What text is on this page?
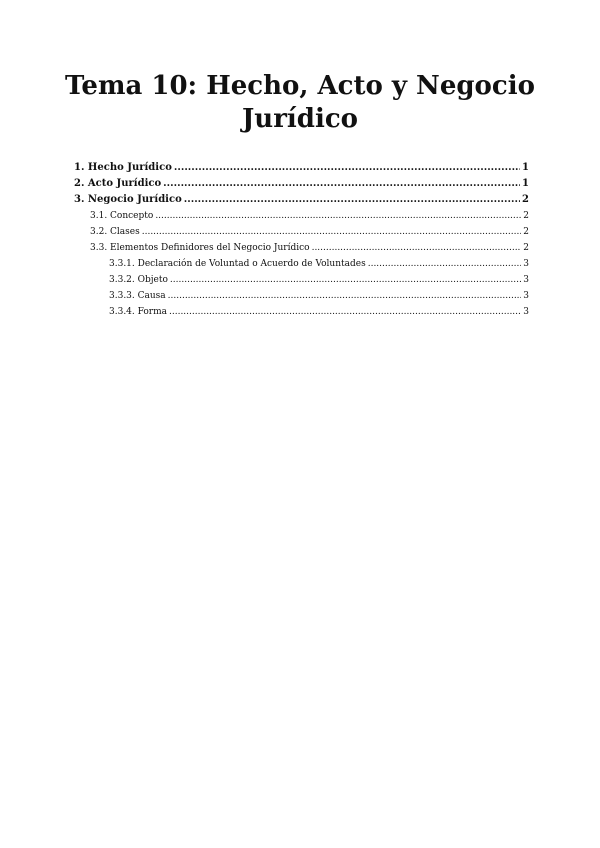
Tema 10: Hecho, Acto y Negocio Jurídico
1. Hecho Jurídico .....	1
2. Acto Jurídico .....	1
3. Negocio Jurídico .....	2
3.1. Concepto .....	2
3.2. Clases .....	2
3.3. Elementos Definidores del Negocio Jurídico .....	2
3.3.1. Declaración de Voluntad o Acuerdo de Voluntades .....	3
3.3.2. Objeto .....	3
3.3.3. Causa .....	3
3.3.4. Forma .....	3
